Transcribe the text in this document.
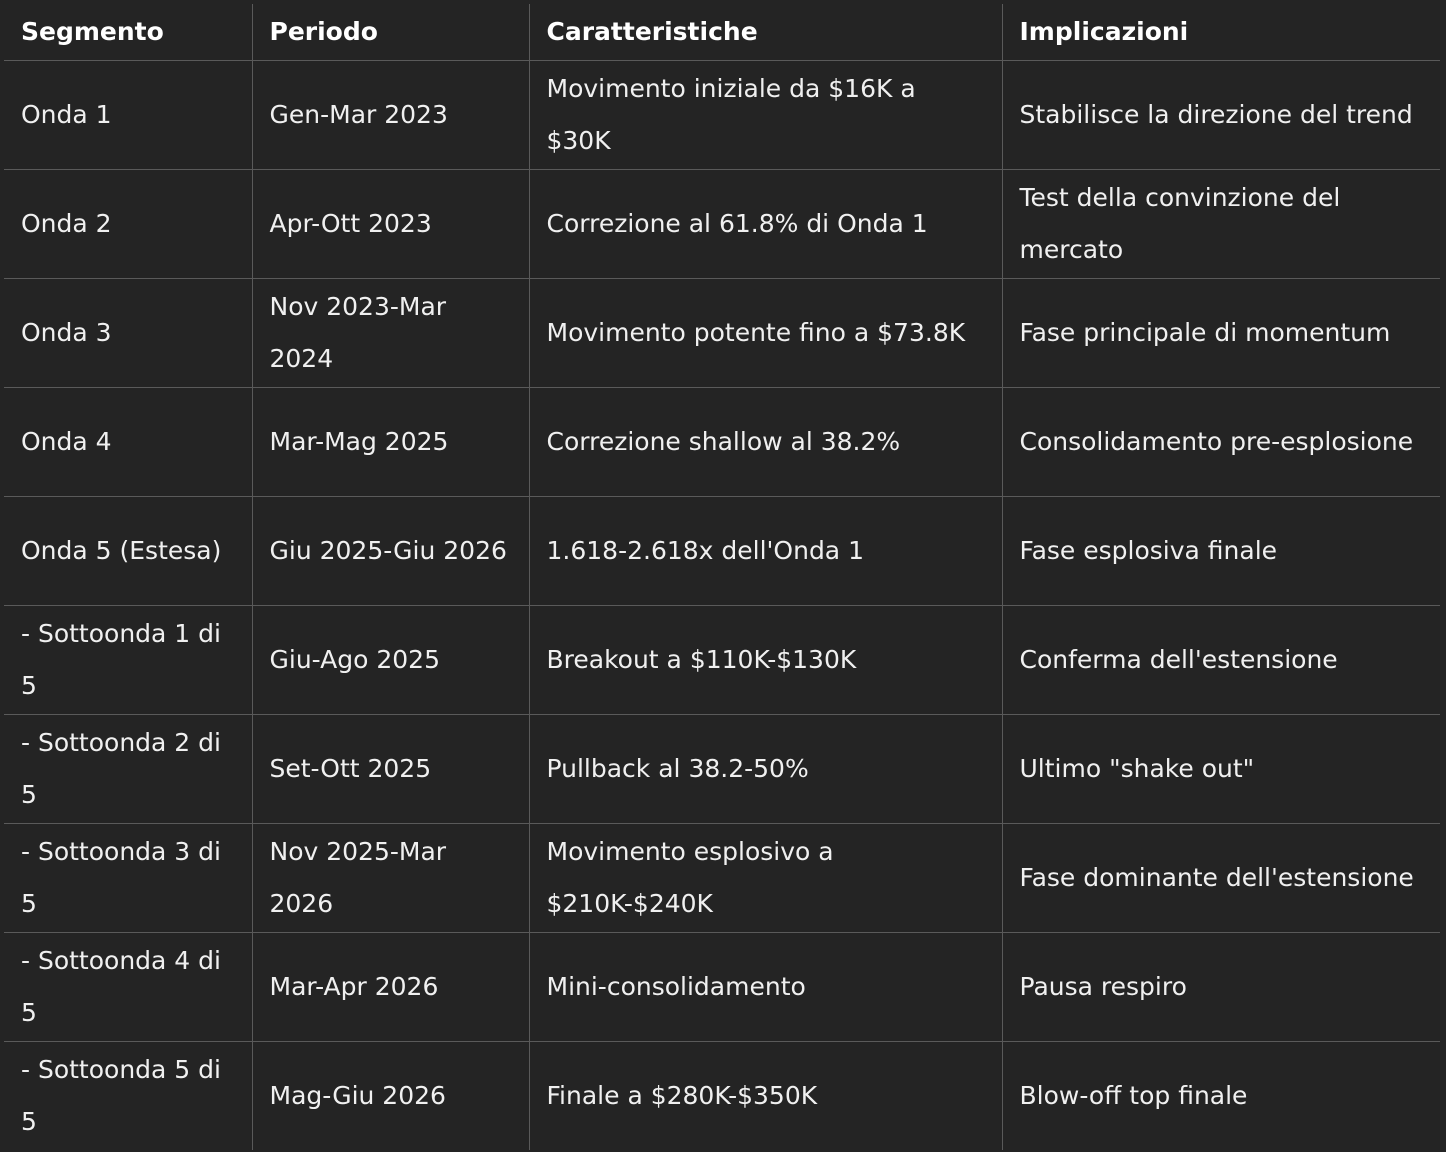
Segmento	Periodo	Caratteristiche	Implicazioni
Onda 1	Gen-Mar 2023	Movimento iniziale da $16K a $30K	Stabilisce la direzione del trend
Onda 2	Apr-Ott 2023	Correzione al 61.8% di Onda 1	Test della convinzione del mercato
Onda 3	Nov 2023-Mar 2024	Movimento potente fino a $73.8K	Fase principale di momentum
Onda 4	Mar-Mag 2025	Correzione shallow al 38.2%	Consolidamento pre-esplosione
Onda 5 (Estesa)	Giu 2025-Giu 2026	1.618-2.618x dell'Onda 1	Fase esplosiva finale
- Sottoonda 1 di 5	Giu-Ago 2025	Breakout a $110K-$130K	Conferma dell'estensione
- Sottoonda 2 di 5	Set-Ott 2025	Pullback al 38.2-50%	Ultimo "shake out"
- Sottoonda 3 di 5	Nov 2025-Mar 2026	Movimento esplosivo a $210K-$240K	Fase dominante dell'estensione
- Sottoonda 4 di 5	Mar-Apr 2026	Mini-consolidamento	Pausa respiro
- Sottoonda 5 di 5	Mag-Giu 2026	Finale a $280K-$350K	Blow-off top finale
